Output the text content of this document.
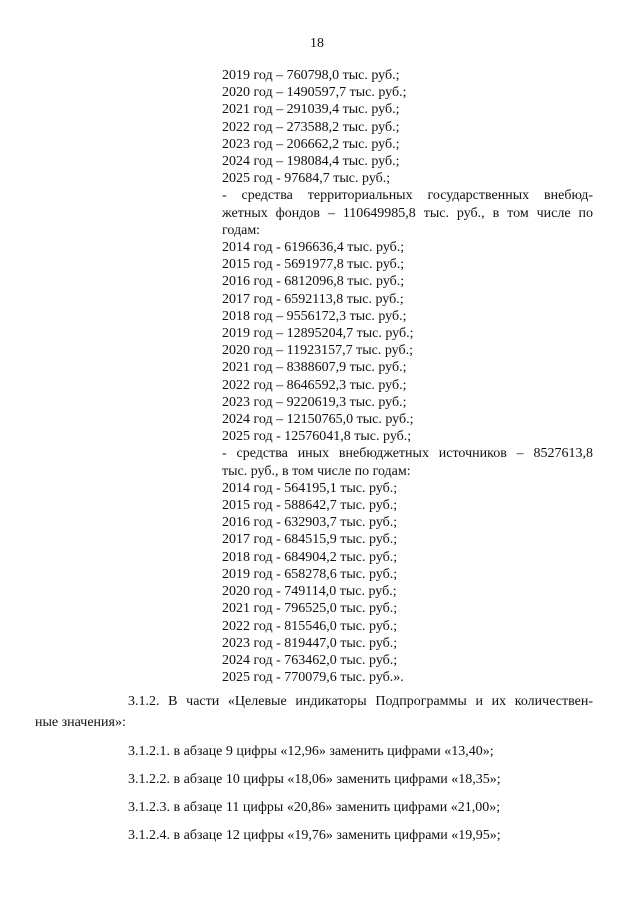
18
2019 год – 760798,0 тыс. руб.;
2020 год – 1490597,7 тыс. руб.;
2021 год – 291039,4 тыс. руб.;
2022 год – 273588,2 тыс. руб.;
2023 год – 206662,2 тыс. руб.;
2024 год – 198084,4 тыс. руб.;
2025 год - 97684,7 тыс. руб.;
- средства территориальных государственных внебюд-
жетных фондов – 110649985,8 тыс. руб., в том числе по
годам:
2014 год - 6196636,4 тыс. руб.;
2015 год - 5691977,8 тыс. руб.;
2016 год - 6812096,8 тыс. руб.;
2017 год - 6592113,8 тыс. руб.;
2018 год – 9556172,3 тыс. руб.;
2019 год – 12895204,7 тыс. руб.;
2020 год – 11923157,7 тыс. руб.;
2021 год – 8388607,9 тыс. руб.;
2022 год – 8646592,3 тыс. руб.;
2023 год – 9220619,3 тыс. руб.;
2024 год – 12150765,0 тыс. руб.;
2025 год - 12576041,8 тыс. руб.;
- средства иных внебюджетных источников – 8527613,8
тыс. руб., в том числе по годам:
2014 год - 564195,1 тыс. руб.;
2015 год - 588642,7 тыс. руб.;
2016 год - 632903,7 тыс. руб.;
2017 год - 684515,9 тыс. руб.;
2018 год - 684904,2 тыс. руб.;
2019 год - 658278,6 тыс. руб.;
2020 год - 749114,0 тыс. руб.;
2021 год - 796525,0 тыс. руб.;
2022 год - 815546,0 тыс. руб.;
2023 год - 819447,0 тыс. руб.;
2024 год - 763462,0 тыс. руб.;
2025 год - 770079,6 тыс. руб.».
3.1.2. В части «Целевые индикаторы Подпрограммы и их количествен-
ные значения»:
3.1.2.1. в абзаце 9 цифры «12,96» заменить цифрами «13,40»;
3.1.2.2. в абзаце 10 цифры «18,06» заменить цифрами «18,35»;
3.1.2.3. в абзаце 11 цифры «20,86» заменить цифрами «21,00»;
3.1.2.4. в абзаце 12 цифры «19,76» заменить цифрами «19,95»;
